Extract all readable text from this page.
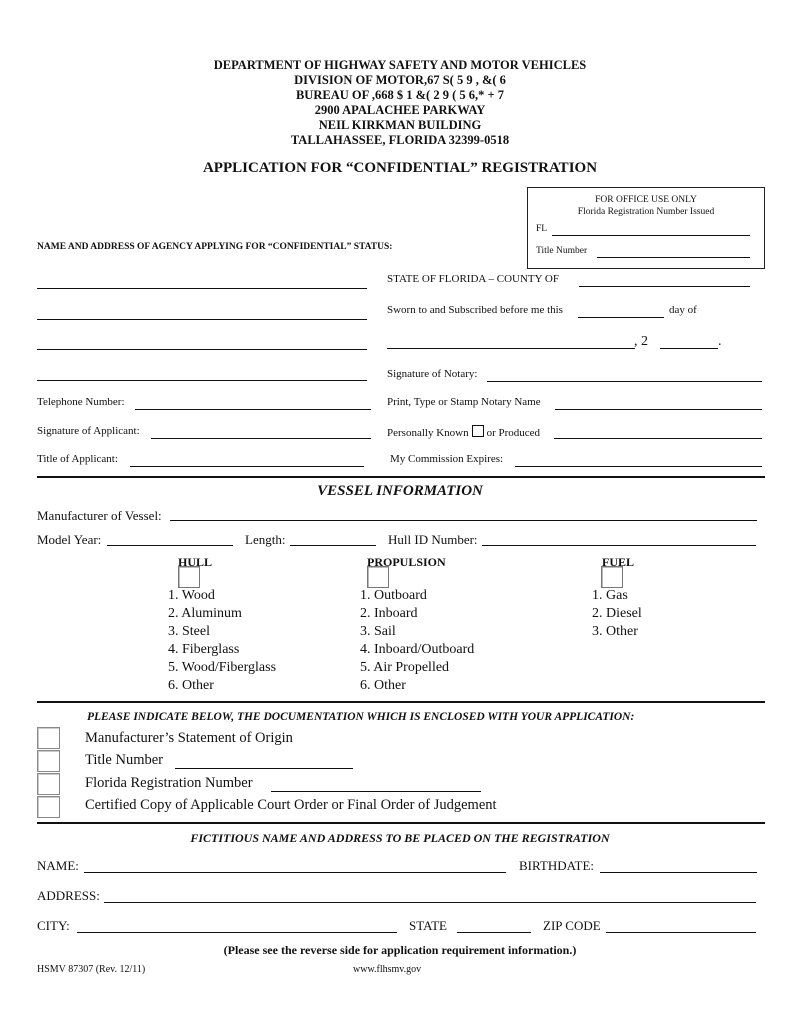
DEPARTMENT OF HIGHWAY SAFETY AND MOTOR VEHICLES
DIVISION OF MOTOR,67 S( 5 9 , &( 6
BUREAU OF ,668 $ 1 &( 2 9 ( 5 6,* + 7
2900 APALACHEE PARKWAY
NEIL KIRKMAN BUILDING
TALLAHASSEE, FLORIDA 32399-0518
APPLICATION FOR “CONFIDENTIAL” REGISTRATION
FOR OFFICE USE ONLY
Florida Registration Number Issued
FL
Title Number
NAME AND ADDRESS OF AGENCY APPLYING FOR “CONFIDENTIAL” STATUS:
Telephone Number:
Signature of Applicant:
Title of Applicant:
STATE OF FLORIDA – COUNTY OF
Sworn to and Subscribed before me this	day of
, 2	.
Signature of Notary:
Print, Type or Stamp Notary Name
Personally Known or Produced
My Commission Expires:
VESSEL INFORMATION
Manufacturer of Vessel:
Model Year:	Length:	Hull ID Number:
HULL
1. Wood
2. Aluminum
3. Steel
4. Fiberglass
5. Wood/Fiberglass
6. Other
PROPULSION
1. Outboard
2. Inboard
3. Sail
4. Inboard/Outboard
5. Air Propelled
6. Other
FUEL
1. Gas
2. Diesel
3. Other
PLEASE INDICATE BELOW, THE DOCUMENTATION WHICH IS ENCLOSED WITH YOUR APPLICATION:
Manufacturer’s Statement of Origin
Title Number
Florida Registration Number
Certified Copy of Applicable Court Order or Final Order of Judgement
FICTITIOUS NAME AND ADDRESS TO BE PLACED ON THE REGISTRATION
NAME:	BIRTHDATE:
ADDRESS:
CITY:	STATE	ZIP CODE
(Please see the reverse side for application requirement information.)
HSMV 87307 (Rev. 12/11)	www.flhsmv.gov
